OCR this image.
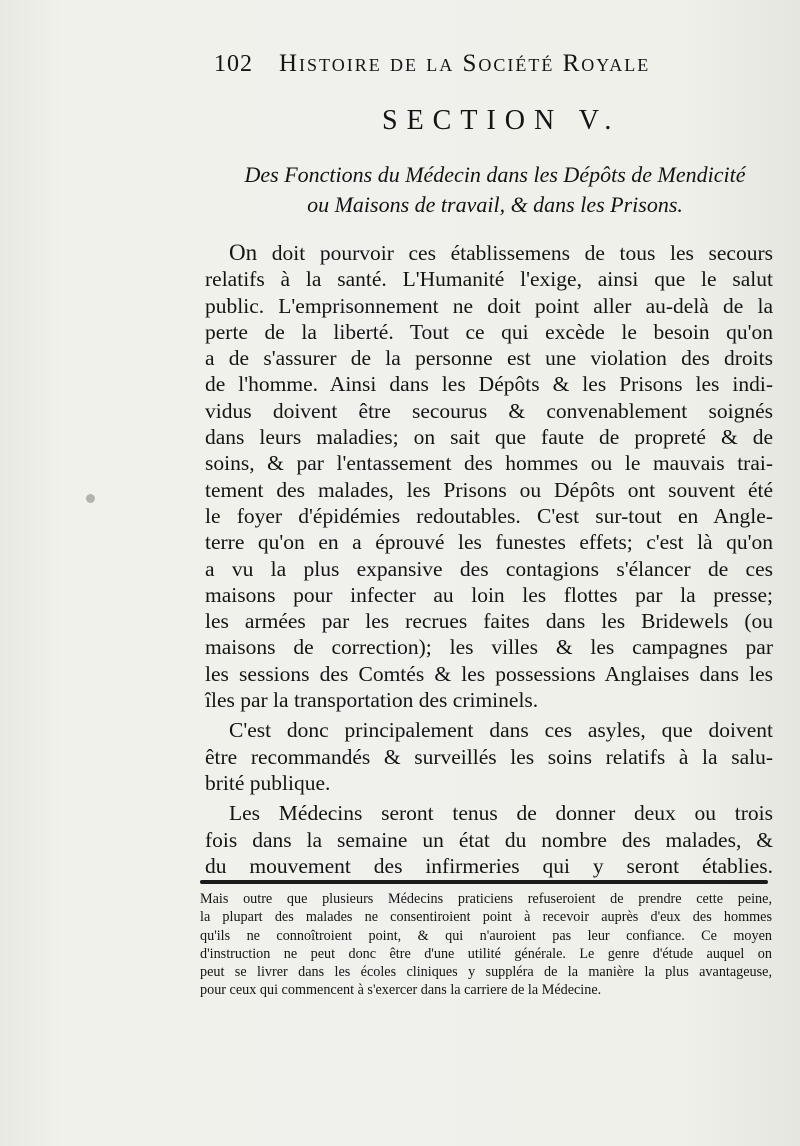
102 Histoire de la Société Royale
SECTION V.
Des Fonctions du Médecin dans les Dépôts de Mendicité
ou Maisons de travail, & dans les Prisons.

On doit pourvoir ces établissemens de tous les secours
relatifs à la santé. L'Humanité l'exige, ainsi que le salut
public. L'emprisonnement ne doit point aller au-delà de la
perte de la liberté. Tout ce qui excède le besoin qu'on
a de s'assurer de la personne est une violation des droits
de l'homme. Ainsi dans les Dépôts & les Prisons les indi-
vidus doivent être secourus & convenablement soignés
dans leurs maladies; on sait que faute de propreté & de
soins, & par l'entassement des hommes ou le mauvais trai-
tement des malades, les Prisons ou Dépôts ont souvent été
le foyer d'épidémies redoutables. C'est sur-tout en Angle-
terre qu'on en a éprouvé les funestes effets; c'est là qu'on
a vu la plus expansive des contagions s'élancer de ces
maisons pour infecter au loin les flottes par la presse;
les armées par les recrues faites dans les Bridewels (ou
maisons de correction); les villes & les campagnes par
les sessions des Comtés & les possessions Anglaises dans les
îles par la transportation des criminels.

C'est donc principalement dans ces asyles, que doivent
être recommandés & surveillés les soins relatifs à la salu-
brité publique.

Les Médecins seront tenus de donner deux ou trois
fois dans la semaine un état du nombre des malades, &
du mouvement des infirmeries qui y seront établies.

Mais outre que plusieurs Médecins praticiens refuseroient de prendre cette peine,
la plupart des malades ne consentiroient point à recevoir auprès d'eux des hommes
qu'ils ne connoîtroient point, & qui n'auroient pas leur confiance. Ce moyen
d'instruction ne peut donc être d'une utilité générale. Le genre d'étude auquel on
peut se livrer dans les écoles cliniques y suppléra de la manière la plus avantageuse,
pour ceux qui commencent à s'exercer dans la carriere de la Médecine.
